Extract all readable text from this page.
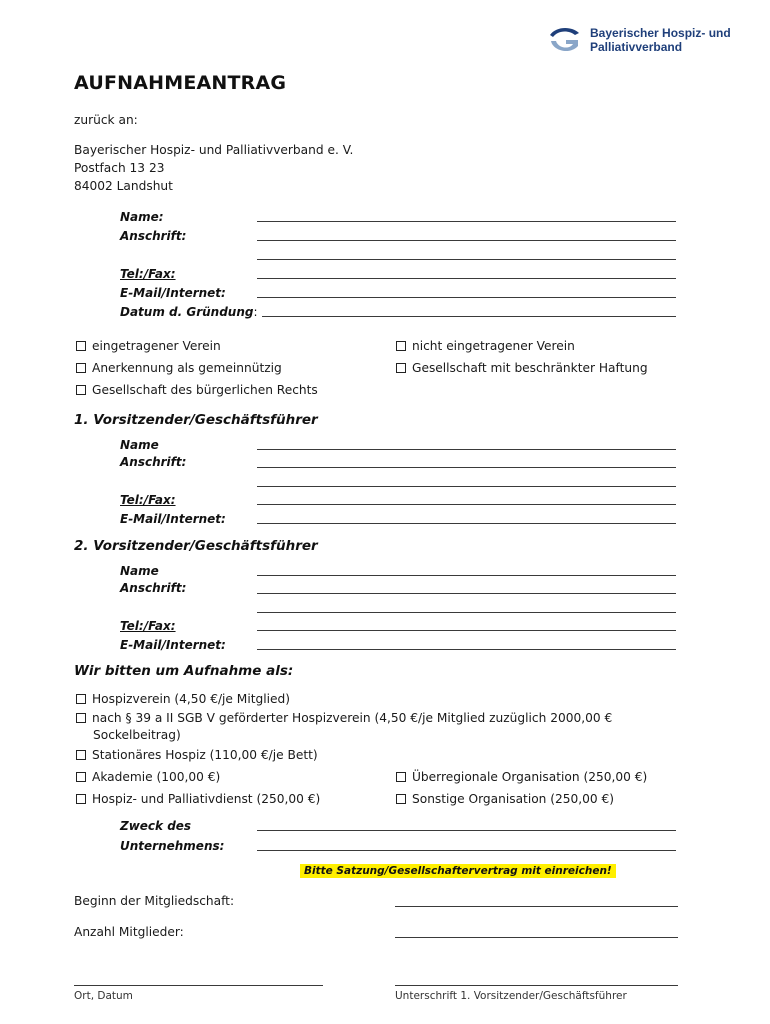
Bayerischer Hospiz- und
Palliativverband
AUFNAHMEANTRAG
zurück an:
Bayerischer Hospiz- und Palliativverband e. V.
Postfach 13 23
84002 Landshut
Name:
Anschrift:
Tel:/Fax:
E-Mail/Internet:
Datum d. Gründung:
eingetragener Verein
Anerkennung als gemeinnützig
Gesellschaft des bürgerlichen Rechts
nicht eingetragener Verein
Gesellschaft mit beschränkter Haftung
1. Vorsitzender/Geschäftsführer
Name
Anschrift:
Tel:/Fax:
E-Mail/Internet:
2. Vorsitzender/Geschäftsführer
Name
Anschrift:
Tel:/Fax:
E-Mail/Internet:
Wir bitten um Aufnahme als:
Hospizverein (4,50 €/je Mitglied)
nach § 39 a II SGB V geförderter Hospizverein (4,50 €/je Mitglied zuzüglich 2000,00 €
Sockelbeitrag)
Stationäres Hospiz (110,00 €/je Bett)
Akademie (100,00 €)	Überregionale Organisation (250,00 €)
Hospiz- und Palliativdienst (250,00 €)	Sonstige Organisation (250,00 €)
Zweck des
Unternehmens:
Bitte Satzung/Gesellschaftervertrag mit einreichen!
Beginn der Mitgliedschaft:
Anzahl Mitglieder:
Ort, Datum	Unterschrift 1. Vorsitzender/Geschäftsführer
